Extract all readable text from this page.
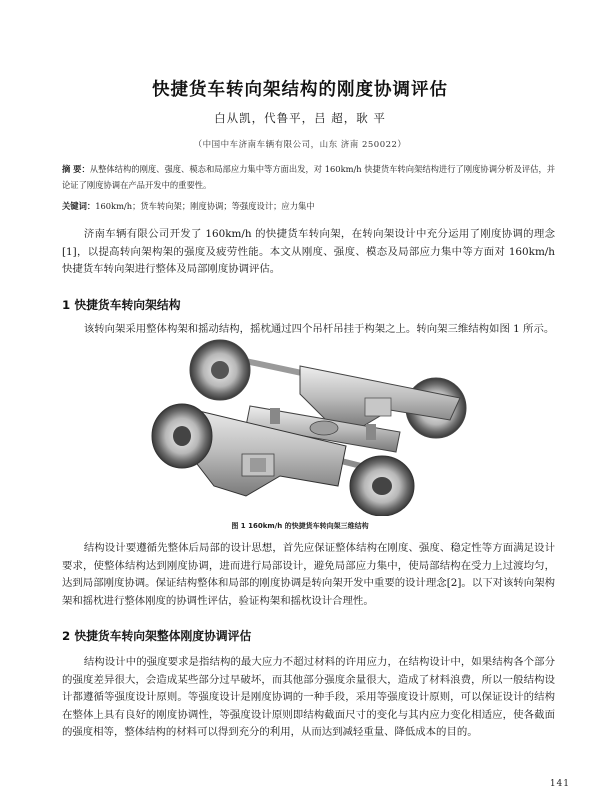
快捷货车转向架结构的刚度协调评估
白从凯，代鲁平，吕 超，耿 平
（中国中车济南车辆有限公司，山东 济南 250022）
摘 要：从整体结构的刚度、强度、模态和局部应力集中等方面出发，对 160km/h 快捷货车转向架结构进行了刚度协调分析及评估，并论证了刚度协调在产品开发中的重要性。
关键词：160km/h；货车转向架；刚度协调；等强度设计；应力集中
济南车辆有限公司开发了 160km/h 的快捷货车转向架，在转向架设计中充分运用了刚度协调的理念[1]，以提高转向架构架的强度及疲劳性能。本文从刚度、强度、模态及局部应力集中等方面对 160km/h 快捷货车转向架进行整体及局部刚度协调评估。
1 快捷货车转向架结构
该转向架采用整体构架和摇动结构，摇枕通过四个吊杆吊挂于构架之上。转向架三维结构如图 1 所示。
图 1 160km/h 的快捷货车转向架三维结构
结构设计要遵循先整体后局部的设计思想，首先应保证整体结构在刚度、强度、稳定性等方面满足设计要求，使整体结构达到刚度协调，进而进行局部设计，避免局部应力集中，使局部结构在受力上过渡均匀，达到局部刚度协调。保证结构整体和局部的刚度协调是转向架开发中重要的设计理念[2]。以下对该转向架构架和摇枕进行整体刚度的协调性评估，验证构架和摇枕设计合理性。
2 快捷货车转向架整体刚度协调评估
结构设计中的强度要求是指结构的最大应力不超过材料的许用应力，在结构设计中，如果结构各个部分的强度差异很大，会造成某些部分过早破坏，而其他部分强度余量很大，造成了材料浪费，所以一般结构设计都遵循等强度设计原则。等强度设计是刚度协调的一种手段，采用等强度设计原则，可以保证设计的结构在整体上具有良好的刚度协调性，等强度设计原则即结构截面尺寸的变化与其内应力变化相适应，使各截面的强度相等，整体结构的材料可以得到充分的利用，从而达到减轻重量、降低成本的目的。
141
